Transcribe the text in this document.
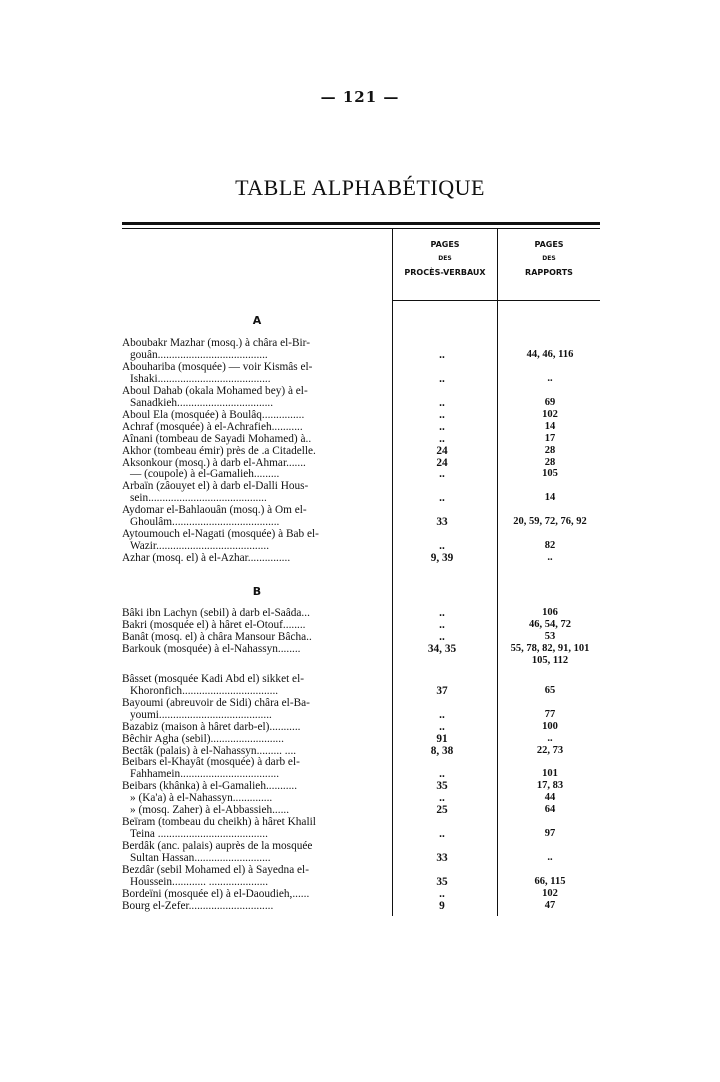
— 121 —
TABLE ALPHABÉTIQUE
PAGES
DES
PROCÈS-VERBAUX
PAGES
DES
RAPPORTS
A
Aboubakr Mazhar (mosq.) à châra el-Bir-
gouân.......................................	..	44, 46, 116
Abouhariba (mosquée) — voir Kismâs el-
Ishaki........................................	..	..
Aboul Dahab (okala Mohamed bey) à el-
Sanadkieh..................................	..	69
Aboul Ela (mosquée) à Boulâq...............	..	102
Achraf (mosquée) à el-Achrafieh...........	..	14
Aînani (tombeau de Sayadi Mohamed) à..	..	17
Akhor (tombeau émir) près de .a Citadelle.	24	28
Aksonkour (mosq.) à darb el-Ahmar.......	24	28
— (coupole) à el-Gamalieh.........	..	105
Arbaïn (zâouyet el) à darb el-Dalli Hous-
sein..........................................	..	14
Aydomar el-Bahlaouân (mosq.) à Om el-
Ghoulâm......................................	33	20, 59, 72, 76, 92
Aytoumouch el-Nagati (mosquée) à Bab el-
Wazir........................................	..	82
Azhar (mosq. el) à el-Azhar...............	9, 39	..
B
Bâki ibn Lachyn (sebil) à darb el-Saâda...	..	106
Bakri (mosquée el) à hâret el-Otouf........	..	46, 54, 72
Banât (mosq. el) à châra Mansour Bâcha..	..	53
Barkouk (mosquée) à el-Nahassyn........	34, 35	55, 78, 82, 91, 101
105, 112
Bâsset (mosquée Kadi Abd el) sikket el-
Khoronfich..................................	37	65
Bayoumi (abreuvoir de Sidi) châra el-Ba-
youmi........................................	..	77
Bazabiz (maison à hâret darb-el)...........	..	100
Bêchir Agha (sebil)..........................	91	..
Bectâk (palais) à el-Nahassyn......... ....	8, 38	22, 73
Beibars el-Khayât (mosquée) à darb el-
Fahhamein...................................	..	101
Beibars (khânka) à el-Gamalieh...........	35	17, 83
» (Ka'a) à el-Nahassyn..............	..	44
» (mosq. Zaher) à el-Abbassieh......	25	64
Beïram (tombeau du cheikh) à hâret Khalil
Teina .......................................	..	97
Berdâk (anc. palais) auprès de la mosquée
Sultan Hassan...........................	33	..
Bezdâr (sebil Mohamed el) à Sayedna el-
Houssein............ .....................	35	66, 115
Bordeïni (mosquée el) à el-Daoudieh,......	..	102
Bourg el-Zefer..............................	9	47
